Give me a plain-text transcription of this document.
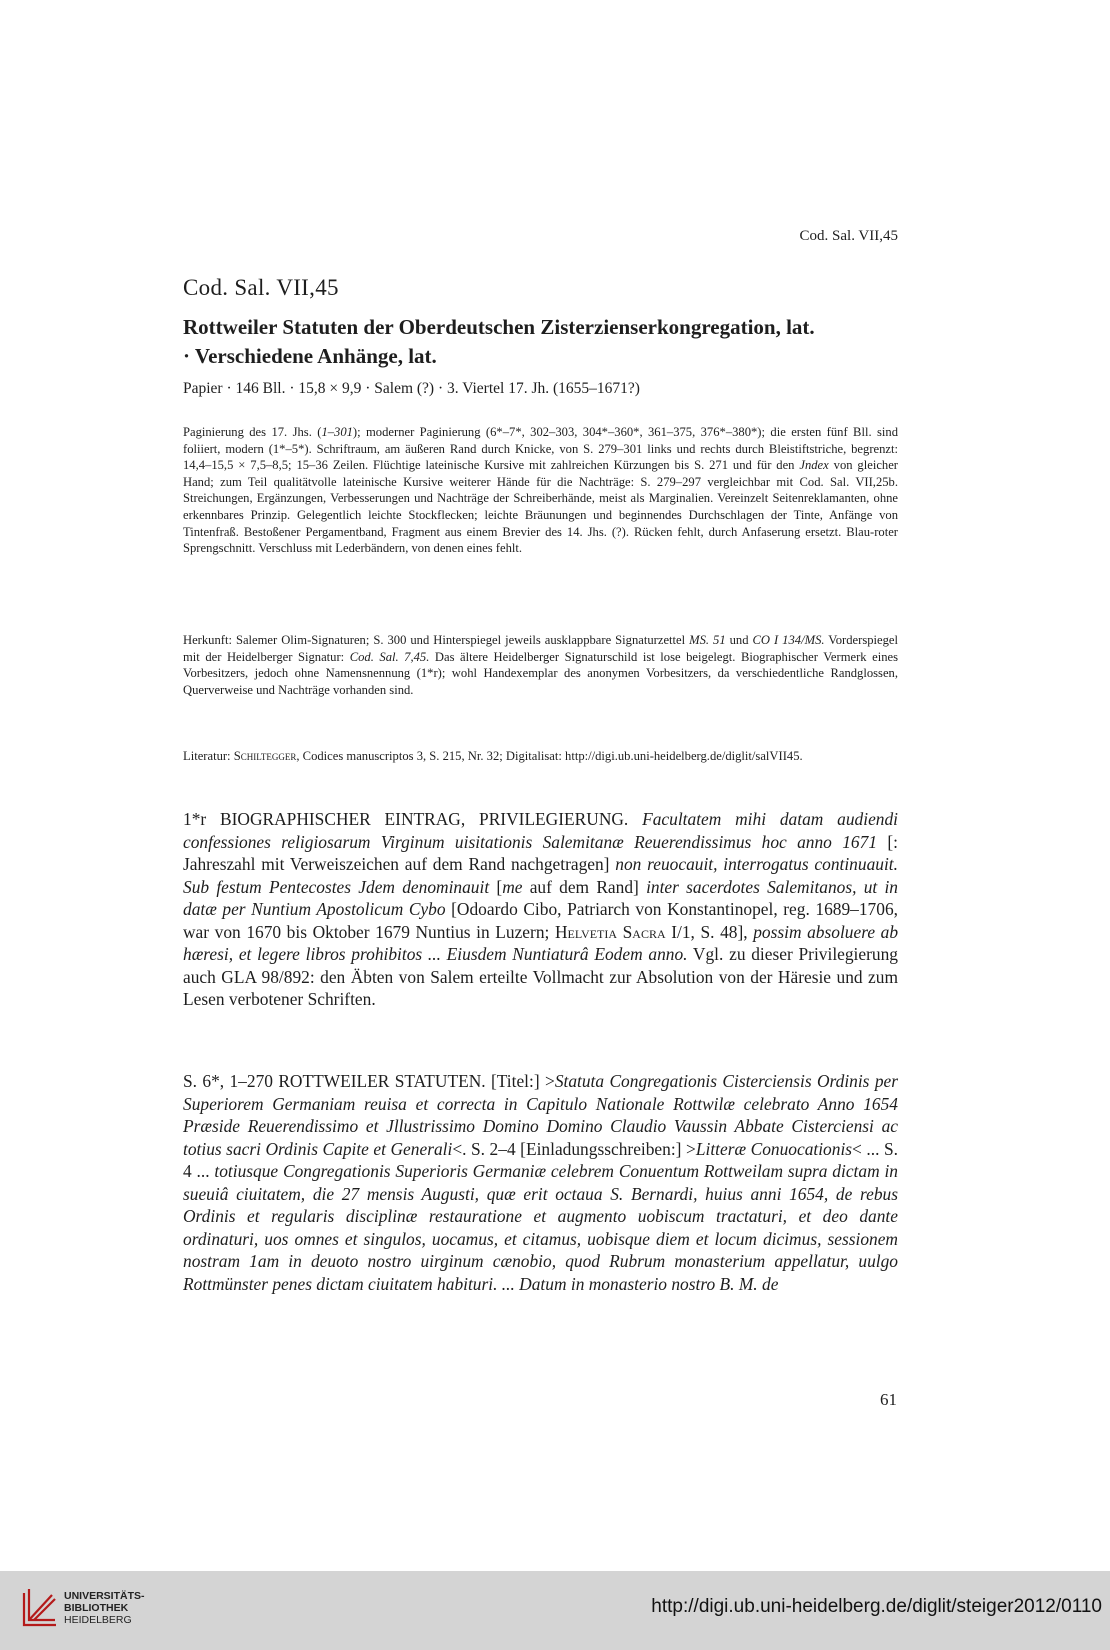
Cod. Sal. VII,45
Cod. Sal. VII,45
Rottweiler Statuten der Oberdeutschen Zisterzienserkongregation, lat.
· Verschiedene Anhänge, lat.
Papier · 146 Bll. · 15,8 × 9,9 · Salem (?) · 3. Viertel 17. Jh. (1655–1671?)
Paginierung des 17. Jhs. (1–301); moderner Paginierung (6*–7*, 302–303, 304*–360*, 361–375, 376*–380*); die ersten fünf Bll. sind foliiert, modern (1*–5*). Schriftraum, am äußeren Rand durch Knicke, von S. 279–301 links und rechts durch Bleistiftstriche, begrenzt: 14,4–15,5 × 7,5–8,5; 15–36 Zeilen. Flüchtige lateinische Kursive mit zahlreichen Kürzungen bis S. 271 und für den Jndex von gleicher Hand; zum Teil qualitätvolle lateinische Kursive weiterer Hände für die Nachträge: S. 279–297 vergleichbar mit Cod. Sal. VII,25b. Streichungen, Ergänzungen, Verbesserungen und Nachträge der Schreiberhände, meist als Marginalien. Vereinzelt Seitenreklamanten, ohne erkennbares Prinzip. Gelegentlich leichte Stockflecken; leichte Bräunungen und beginnendes Durchschlagen der Tinte, Anfänge von Tintenfraß. Bestoßener Pergamentband, Fragment aus einem Brevier des 14. Jhs. (?). Rücken fehlt, durch Anfaserung ersetzt. Blau-roter Sprengschnitt. Verschluss mit Lederbändern, von denen eines fehlt.
Herkunft: Salemer Olim-Signaturen; S. 300 und Hinterspiegel jeweils ausklappbare Signaturzettel MS. 51 und CO I 134/MS. Vorderspiegel mit der Heidelberger Signatur: Cod. Sal. 7,45. Das ältere Heidelberger Signaturschild ist lose beigelegt. Biographischer Vermerk eines Vorbesitzers, jedoch ohne Namensnennung (1*r); wohl Handexemplar des anonymen Vorbesitzers, da verschiedentliche Randglossen, Querverweise und Nachträge vorhanden sind.
Literatur: Schiltegger, Codices manuscriptos 3, S. 215, Nr. 32; Digitalisat: http://digi.ub.uni-heidelberg.de/diglit/salVII45.
1*r BIOGRAPHISCHER EINTRAG, PRIVILEGIERUNG. Facultatem mihi datam audiendi confessiones religiosarum Virginum uisitationis Salemitanæ Reuerendissimus hoc anno 1671 [: Jahreszahl mit Verweiszeichen auf dem Rand nachgetragen] non reuocauit, interrogatus continuauit. Sub festum Pentecostes Jdem denominauit [me auf dem Rand] inter sacerdotes Salemitanos, ut in datæ per Nuntium Apostolicum Cybo [Odoardo Cibo, Patriarch von Konstantinopel, reg. 1689–1706, war von 1670 bis Oktober 1679 Nuntius in Luzern; Helvetia Sacra I/1, S. 48], possim absoluere ab hæresi, et legere libros prohibitos ... Eiusdem Nuntiaturâ Eodem anno. Vgl. zu dieser Privilegierung auch GLA 98/892: den Äbten von Salem erteilte Vollmacht zur Absolution von der Häresie und zum Lesen verbotener Schriften.
S. 6*, 1–270 ROTTWEILER STATUTEN. [Titel:] >Statuta Congregationis Cisterciensis Ordinis per Superiorem Germaniam reuisa et correcta in Capitulo Nationale Rottwilæ celebrato Anno 1654 Præside Reuerendissimo et Jllustrissimo Domino Domino Claudio Vaussin Abbate Cisterciensi ac totius sacri Ordinis Capite et Generali<. S. 2–4 [Einladungsschreiben:] >Litteræ Conuocationis< ... S. 4 ... totiusque Congregationis Superioris Germaniæ celebrem Conuentum Rottweilam supra dictam in sueuiâ ciuitatem, die 27 mensis Augusti, quæ erit octaua S. Bernardi, huius anni 1654, de rebus Ordinis et regularis disciplinæ restauratione et augmento uobiscum tractaturi, et deo dante ordinaturi, uos omnes et singulos, uocamus, et citamus, uobisque diem et locum dicimus, sessionem nostram 1am in deuoto nostro uirginum cænobio, quod Rubrum monasterium appellatur, uulgo Rottmünster penes dictam ciuitatem habituri. ... Datum in monasterio nostro B. M. de
61
UNIVERSITÄTS-
BIBLIOTHEK
HEIDELBERG
http://digi.ub.uni-heidelberg.de/diglit/steiger2012/0110
